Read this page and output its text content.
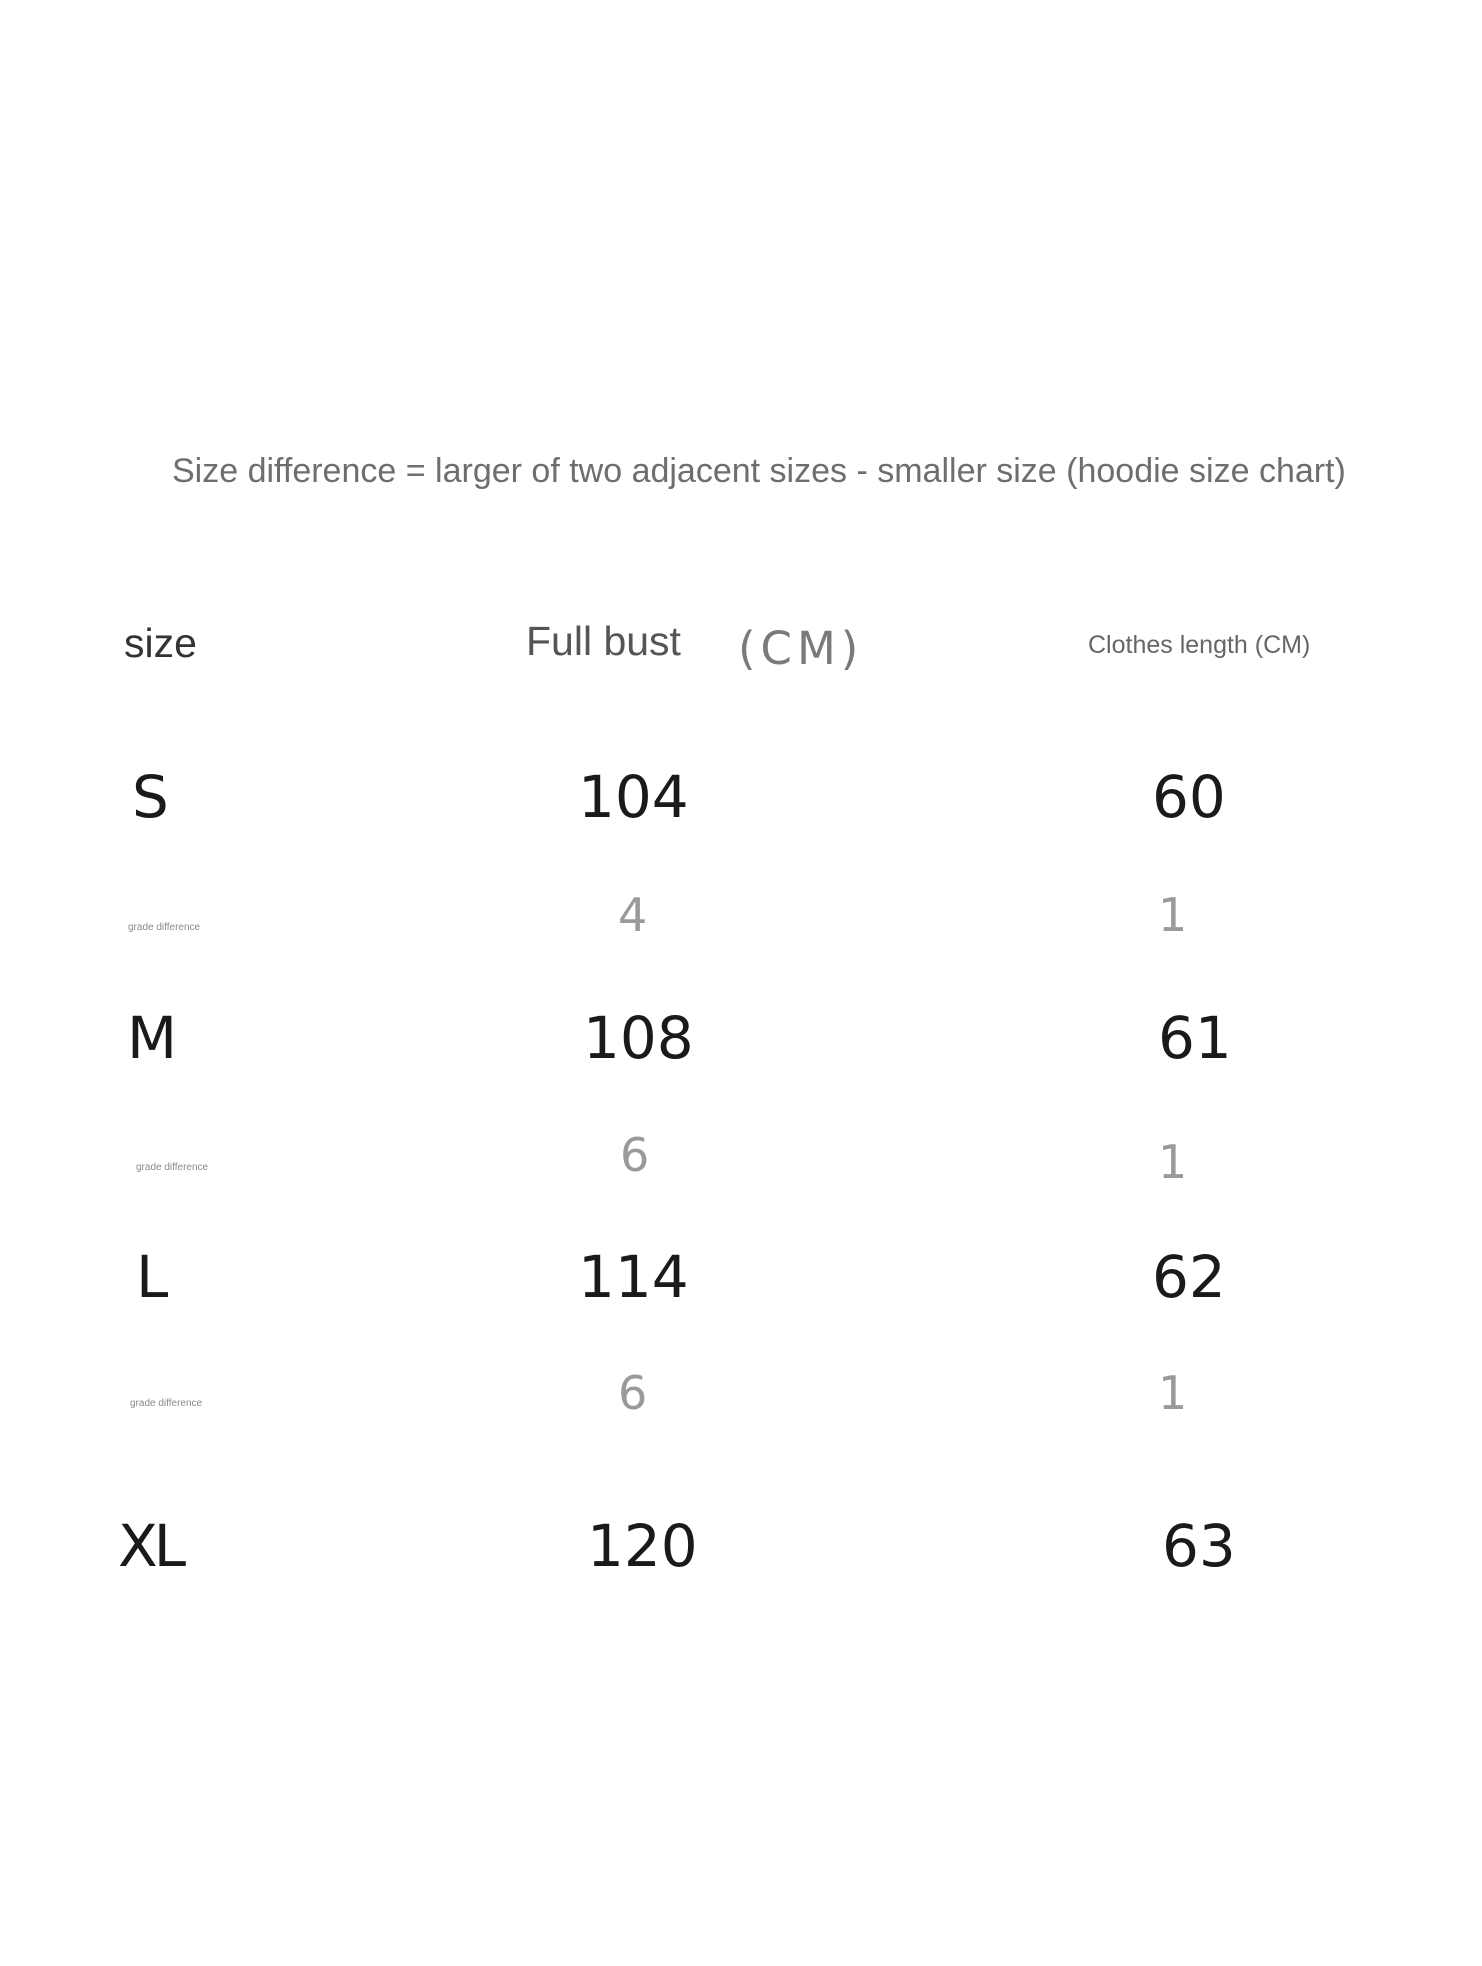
Size difference = larger of two adjacent sizes - smaller size (hoodie size chart)
size	Full bust (CM)	Clothes length (CM)
S	104	60
grade difference	4	1
M	108	61
grade difference	6	1
L	114	62
grade difference	6	1
XL	120	63
